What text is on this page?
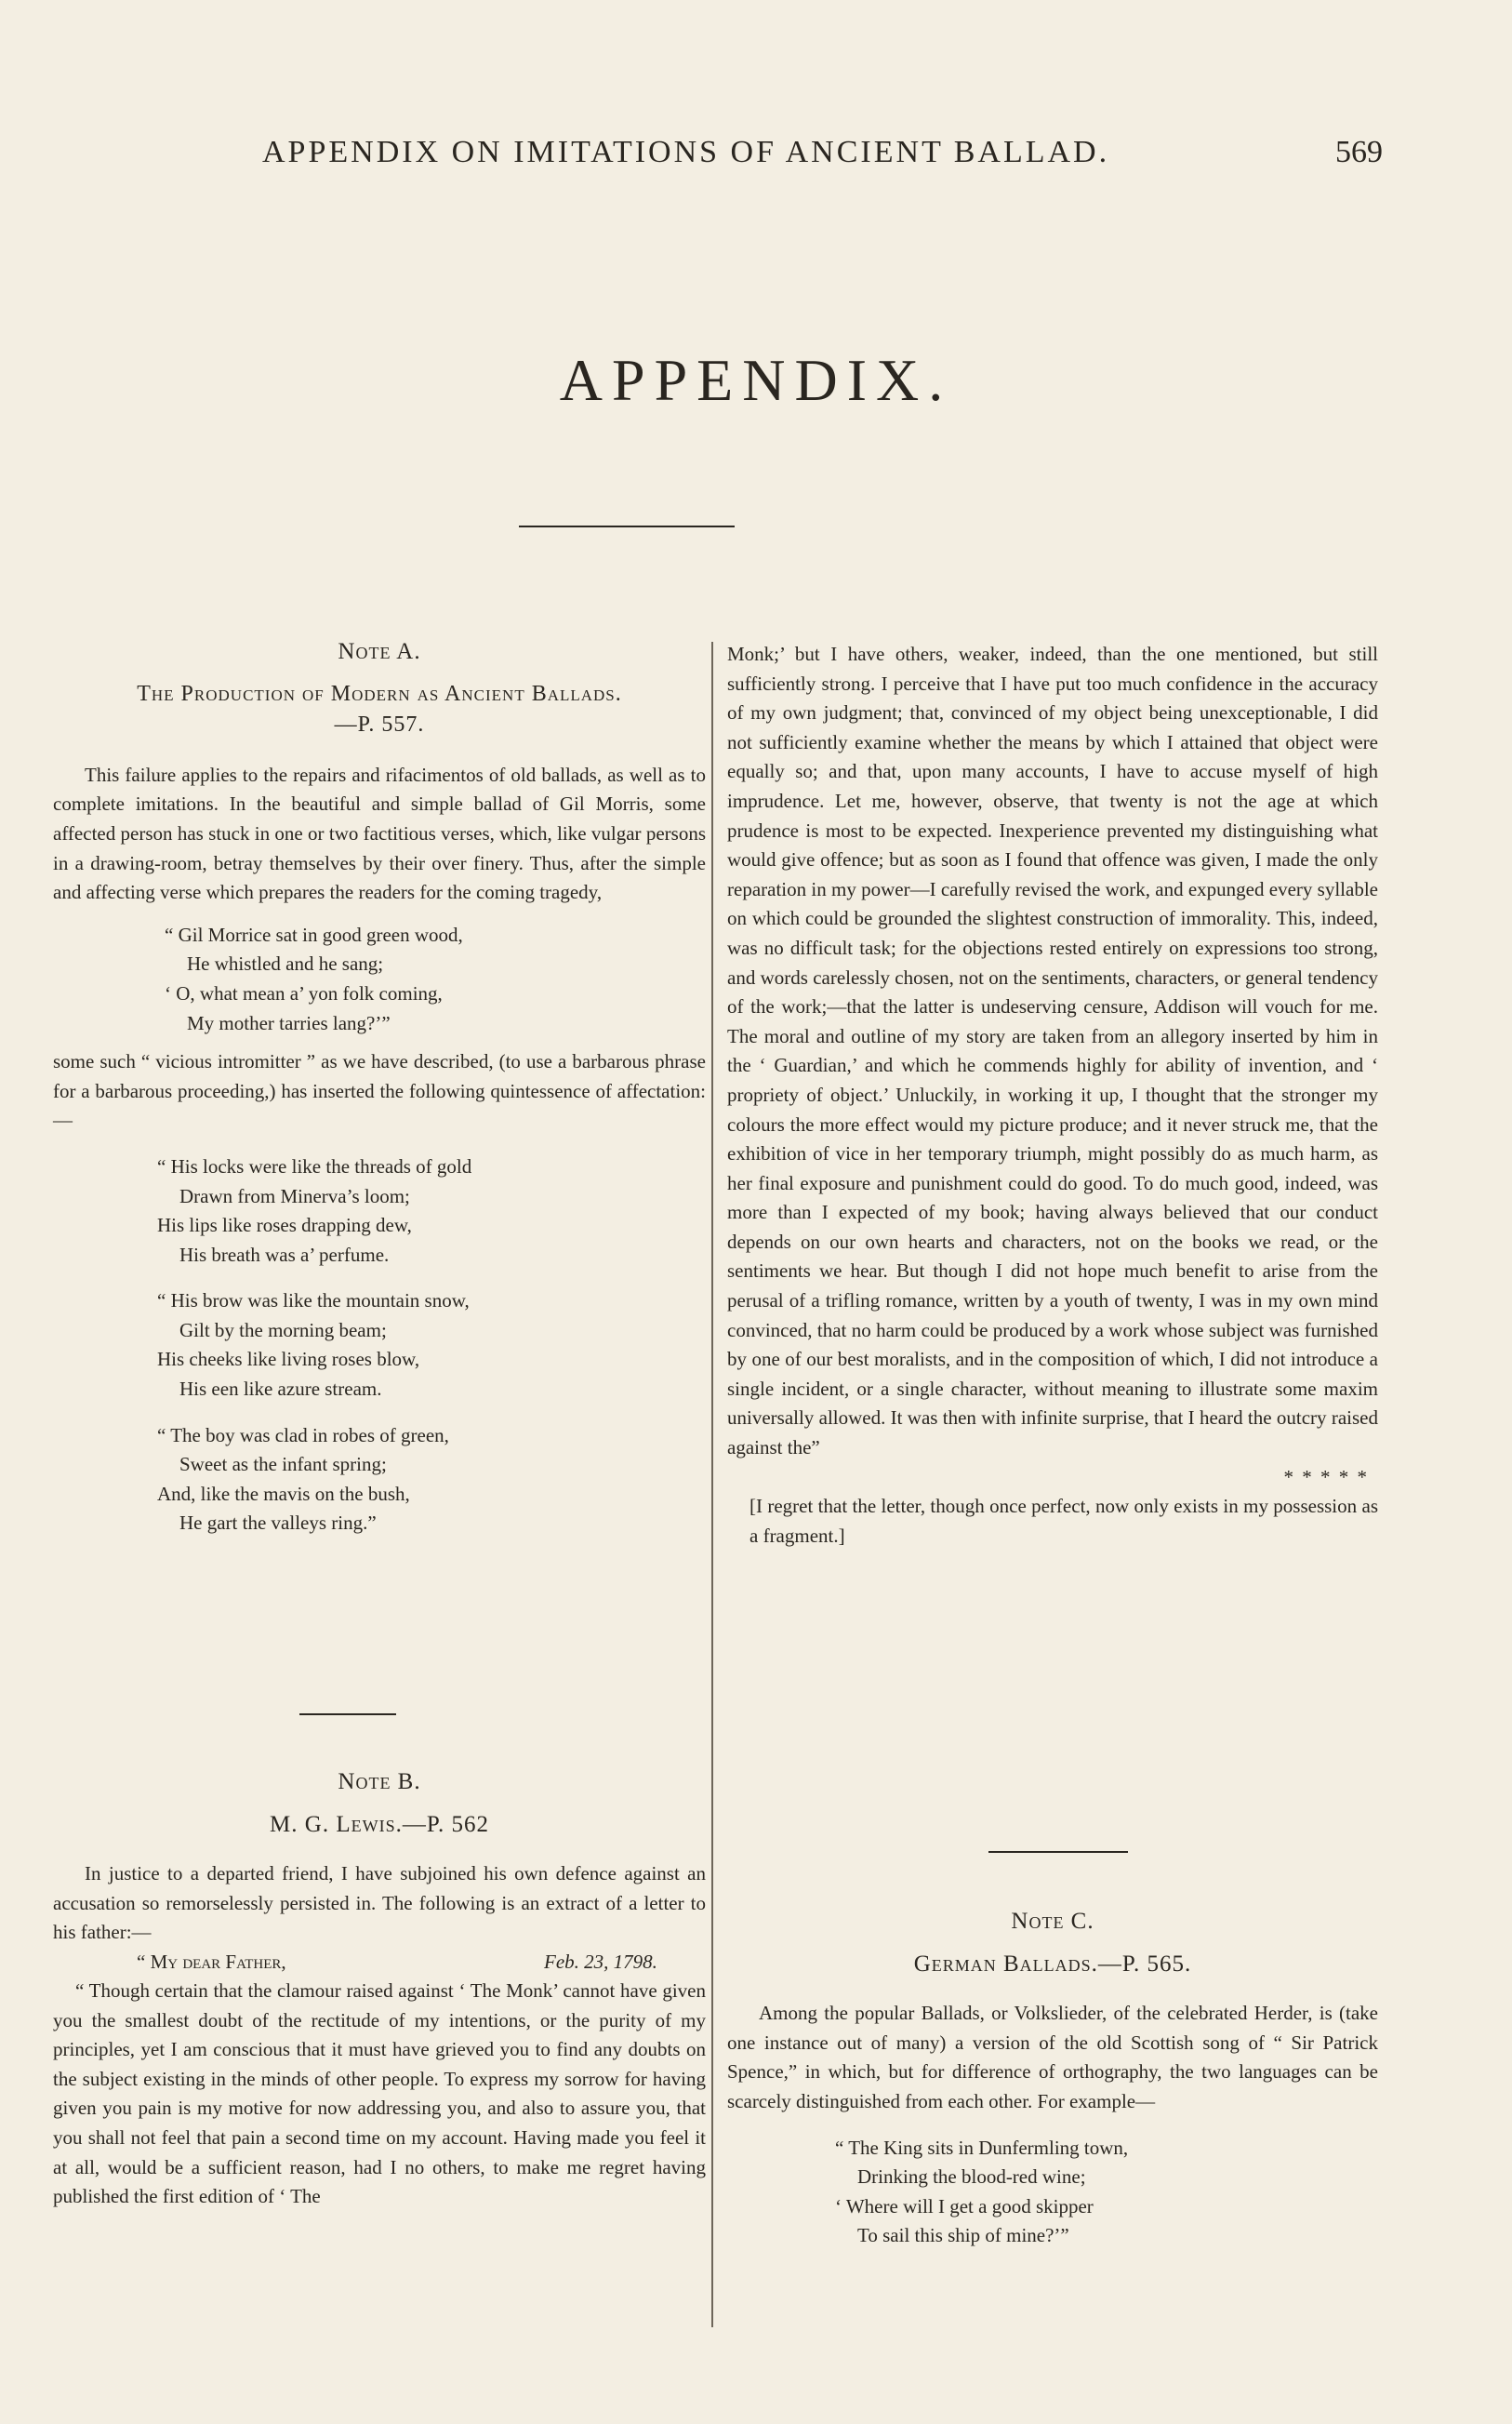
APPENDIX ON IMITATIONS OF ANCIENT BALLAD.	569
APPENDIX.
Note A.
The Production of Modern as Ancient Ballads.
—P. 557.

This failure applies to the repairs and rifacimentos of old ballads, as well as to complete imitations. In the beautiful and simple ballad of Gil Morris, some affected person has stuck in one or two factitious verses, which, like vulgar persons in a drawing-room, betray themselves by their over finery. Thus, after the simple and affecting verse which prepares the readers for the coming tragedy,

“ Gil Morrice sat in good green wood,
He whistled and he sang;
‘ O, what mean a’ yon folk coming,
My mother tarries lang?’”

some such “ vicious intromitter ” as we have described, (to use a barbarous phrase for a barbarous proceeding,) has inserted the following quintessence of affectation:—

“ His locks were like the threads of gold
Drawn from Minerva’s loom;
His lips like roses drapping dew,
His breath was a’ perfume.
“ His brow was like the mountain snow,
Gilt by the morning beam;
His cheeks like living roses blow,
His een like azure stream.
“ The boy was clad in robes of green,
Sweet as the infant spring;
And, like the mavis on the bush,
He gart the valleys ring.”
Note B.
M. G. Lewis.—P. 562

In justice to a departed friend, I have subjoined his own defence against an accusation so remorselessly persisted in. The following is an extract of a letter to his father:—

“ My dear Father,	Feb. 23, 1798.

“ Though certain that the clamour raised against ‘ The Monk’ cannot have given you the smallest doubt of the rectitude of my intentions, or the purity of my principles, yet I am conscious that it must have grieved you to find any doubts on the subject existing in the minds of other people. To express my sorrow for having given you pain is my motive for now addressing you, and also to assure you, that you shall not feel that pain a second time on my account. Having made you feel it at all, would be a sufficient reason, had I no others, to make me regret having published the first edition of ‘ The

Monk;’ but I have others, weaker, indeed, than the one mentioned, but still sufficiently strong. I perceive that I have put too much confidence in the accuracy of my own judgment; that, convinced of my object being unexceptionable, I did not sufficiently examine whether the means by which I attained that object were equally so; and that, upon many accounts, I have to accuse myself of high imprudence. Let me, however, observe, that twenty is not the age at which prudence is most to be expected. Inexperience prevented my distinguishing what would give offence; but as soon as I found that offence was given, I made the only reparation in my power—I carefully revised the work, and expunged every syllable on which could be grounded the slightest construction of immorality. This, indeed, was no difficult task; for the objections rested entirely on expressions too strong, and words carelessly chosen, not on the sentiments, characters, or general tendency of the work;—that the latter is undeserving censure, Addison will vouch for me. The moral and outline of my story are taken from an allegory inserted by him in the ‘ Guardian,’ and which he commends highly for ability of invention, and ‘ propriety of object.’ Unluckily, in working it up, I thought that the stronger my colours the more effect would my picture produce; and it never struck me, that the exhibition of vice in her temporary triumph, might possibly do as much harm, as her final exposure and punishment could do good. To do much good, indeed, was more than I expected of my book; having always believed that our conduct depends on our own hearts and characters, not on the books we read, or the sentiments we hear. But though I did not hope much benefit to arise from the perusal of a trifling romance, written by a youth of twenty, I was in my own mind convinced, that no harm could be produced by a work whose subject was furnished by one of our best moralists, and in the composition of which, I did not introduce a single incident, or a single character, without meaning to illustrate some maxim universally allowed. It was then with infinite surprise, that I heard the outcry raised against the”

* * * * *

[I regret that the letter, though once perfect, now only exists in my possession as a fragment.]

Note C.
German Ballads.—P. 565.

Among the popular Ballads, or Volkslieder, of the celebrated Herder, is (take one instance out of many) a version of the old Scottish song of “ Sir Patrick Spence,” in which, but for difference of orthography, the two languages can be scarcely distinguished from each other. For example—

“ The King sits in Dunfermling town,
Drinking the blood-red wine;
‘ Where will I get a good skipper
To sail this ship of mine?’”
